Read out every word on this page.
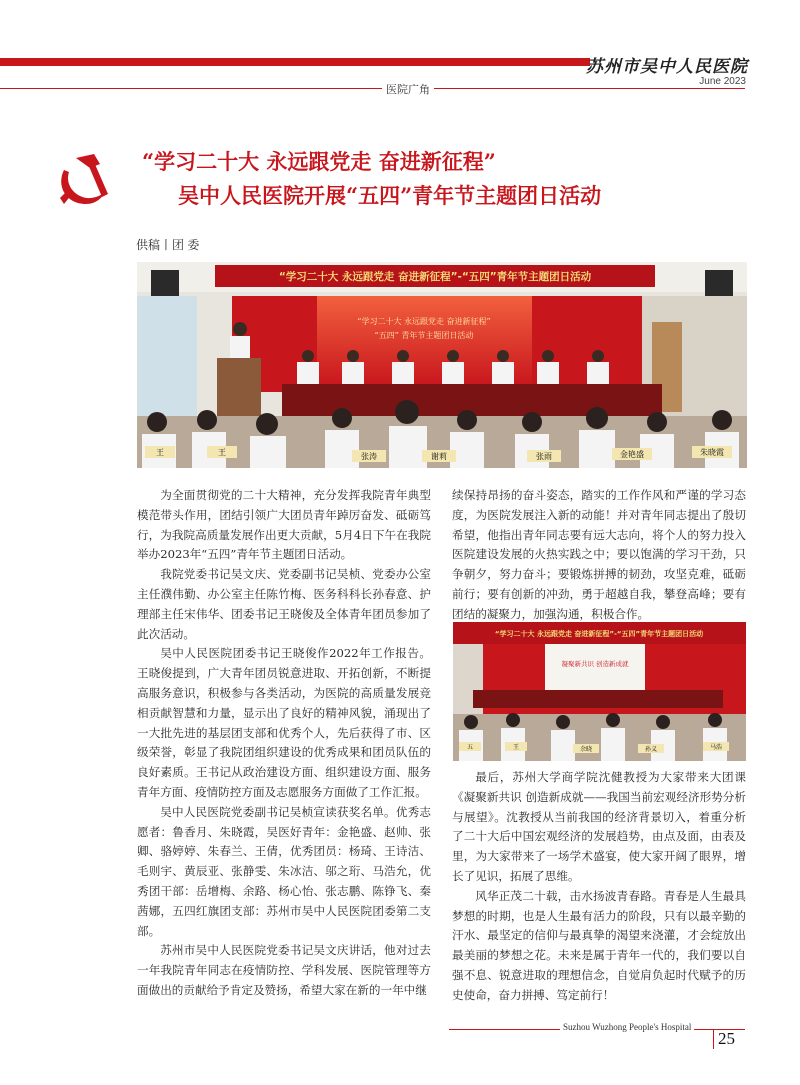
苏州市吴中人民医院
June 2023
医院广角
“学习二十大 永远跟党走 奋进新征程”
吴中人民医院开展“五四”青年节主题团日活动
供稿丨团 委
“学习二十大 永远跟党走 奋进新征程”-“五四”青年节主题团日活动
“学习二十大 永远跟党走 奋进新征程”
“五四” 青年节主题团日活动
王	王	张涛	谢莉	张雨	金艳盛	朱晓霞
“学习二十大 永远跟党走 奋进新征程”-“五四”青年节主题团日活动
凝聚新共识 创造新成就
五	王	余晓	孙义	马浩

为全面贯彻党的二十大精神，充分发挥我院青年典型模范带头作用，团结引领广大团员青年踔厉奋发、砥砺笃行，为我院高质量发展作出更大贡献，5月4日下午在我院举办2023年“五四”青年节主题团日活动。

我院党委书记吴文庆、党委副书记吴桢、党委办公室主任濮伟勤、办公室主任陈竹梅、医务科科长孙春意、护理部主任宋伟华、团委书记王晓俊及全体青年团员参加了此次活动。

吴中人民医院团委书记王晓俊作2022年工作报告。王晓俊提到，广大青年团员锐意进取、开拓创新，不断提高服务意识，积极参与各类活动，为医院的高质量发展竞相贡献智慧和力量，显示出了良好的精神风貌，涌现出了一大批先进的基层团支部和优秀个人，先后获得了市、区级荣誉，彰显了我院团组织建设的优秀成果和团员队伍的良好素质。王书记从政治建设方面、组织建设方面、服务青年方面、疫情防控方面及志愿服务方面做了工作汇报。

吴中人民医院党委副书记吴桢宣读获奖名单。优秀志愿者：鲁香月、朱晓霞，吴医好青年：金艳盛、赵帅、张卿、骆婷婷、朱春兰、王倩，优秀团员：杨琦、王诗洁、毛则宇、黄辰亚、张静雯、朱冰洁、邬之珩、马浩允，优秀团干部：岳增梅、余路、杨心怡、张志鹏、陈铮飞、秦茜娜，五四红旗团支部：苏州市吴中人民医院团委第二支部。

苏州市吴中人民医院党委书记吴文庆讲话，他对过去一年我院青年同志在疫情防控、学科发展、医院管理等方面做出的贡献给予肯定及赞扬，希望大家在新的一年中继

续保持昂扬的奋斗姿态，踏实的工作作风和严谨的学习态度，为医院发展注入新的动能！并对青年同志提出了殷切希望，他指出青年同志要有远大志向，将个人的努力投入医院建设发展的火热实践之中；要以饱满的学习干劲，只争朝夕，努力奋斗；要锻炼拼搏的韧劲，攻坚克难，砥砺前行；要有创新的冲劲，勇于超越自我，攀登高峰；要有团结的凝聚力，加强沟通，积极合作。

最后，苏州大学商学院沈健教授为大家带来大团课《凝聚新共识 创造新成就——我国当前宏观经济形势分析与展望》。沈教授从当前我国的经济背景切入，着重分析了二十大后中国宏观经济的发展趋势，由点及面，由表及里，为大家带来了一场学术盛宴，使大家开阔了眼界，增长了见识，拓展了思维。

风华正茂二十载，击水扬波青春路。青春是人生最具梦想的时期，也是人生最有活力的阶段，只有以最辛勤的汗水、最坚定的信仰与最真挚的渴望来浇灌，才会绽放出最美丽的梦想之花。未来是属于青年一代的，我们要以自强不息、锐意进取的理想信念，自觉肩负起时代赋予的历史使命，奋力拼搏、笃定前行！

Suzhou Wuzhong People's Hospital
25
